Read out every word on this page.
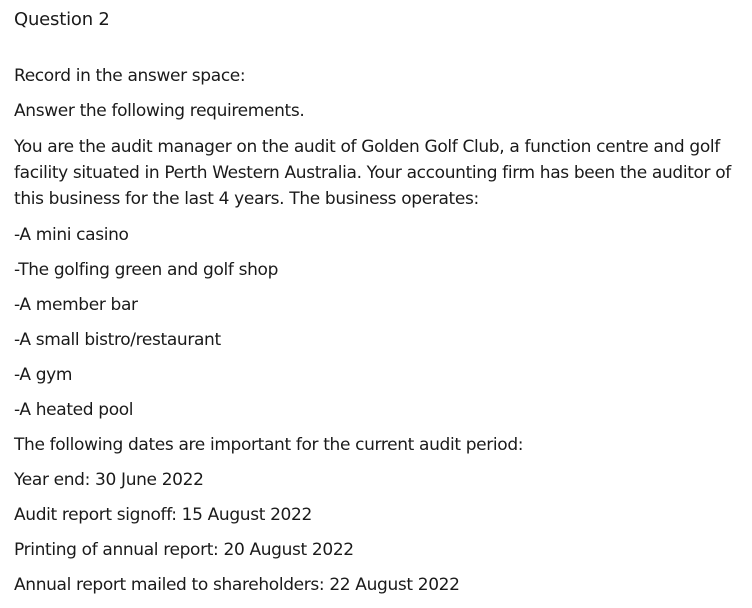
Question 2
Record in the answer space:
Answer the following requirements.
You are the audit manager on the audit of Golden Golf Club, a function centre and golf facility situated in Perth Western Australia. Your accounting firm has been the auditor of this business for the last 4 years. The business operates:
-A mini casino
-The golfing green and golf shop
-A member bar
-A small bistro/restaurant
-A gym
-A heated pool
The following dates are important for the current audit period:
Year end: 30 June 2022
Audit report signoff: 15 August 2022
Printing of annual report: 20 August 2022
Annual report mailed to shareholders: 22 August 2022
